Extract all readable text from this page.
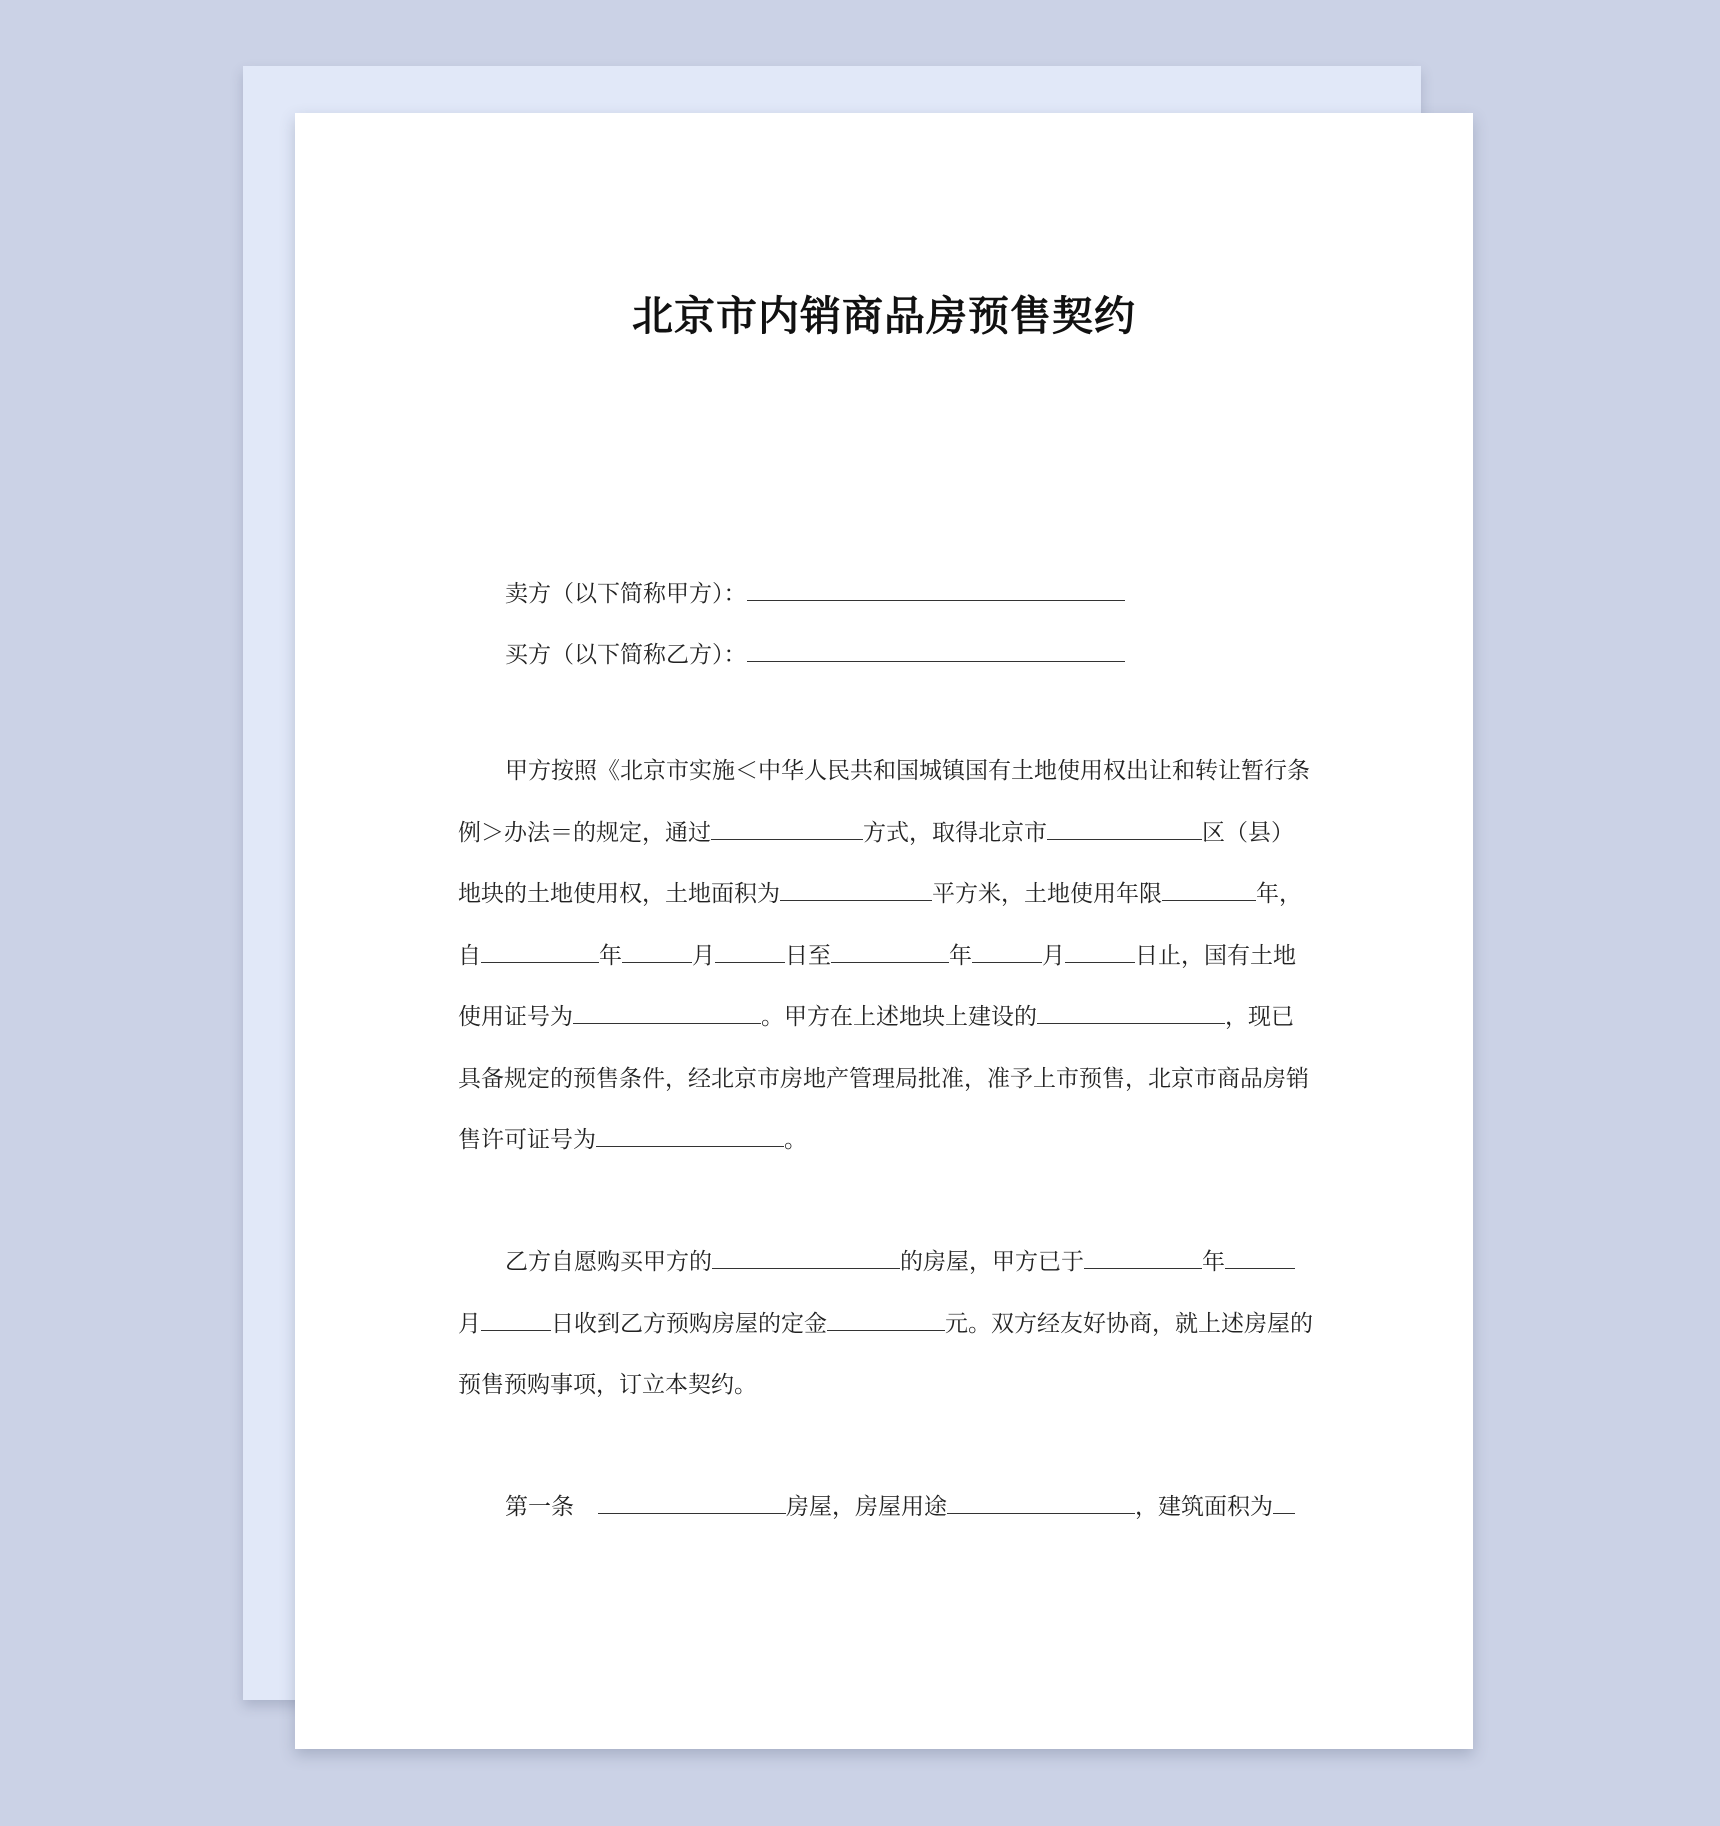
北京市内销商品房预售契约
卖方（以下简称甲方）：
买方（以下简称乙方）：

甲方按照《北京市实施＜中华人民共和国城镇国有土地使用权出让和转让暂行条例＞办法＝的规定，通过	方式，取得北京市	区（县）地块的土地使用权，土地面积为	平方米，土地使用年限	年，自	年	月	日至	年	月	日止，国有土地使用证号为	。甲方在上述地块上建设的	，现已具备规定的预售条件，经北京市房地产管理局批准，准予上市预售，北京市商品房销售许可证号为	。

乙方自愿购买甲方的	的房屋，甲方已于	年月	日收到乙方预购房屋的定金	元。双方经友好协商，就上述房屋的预售预购事项，订立本契约。

第一条	房屋，房屋用途	，建筑面积为
